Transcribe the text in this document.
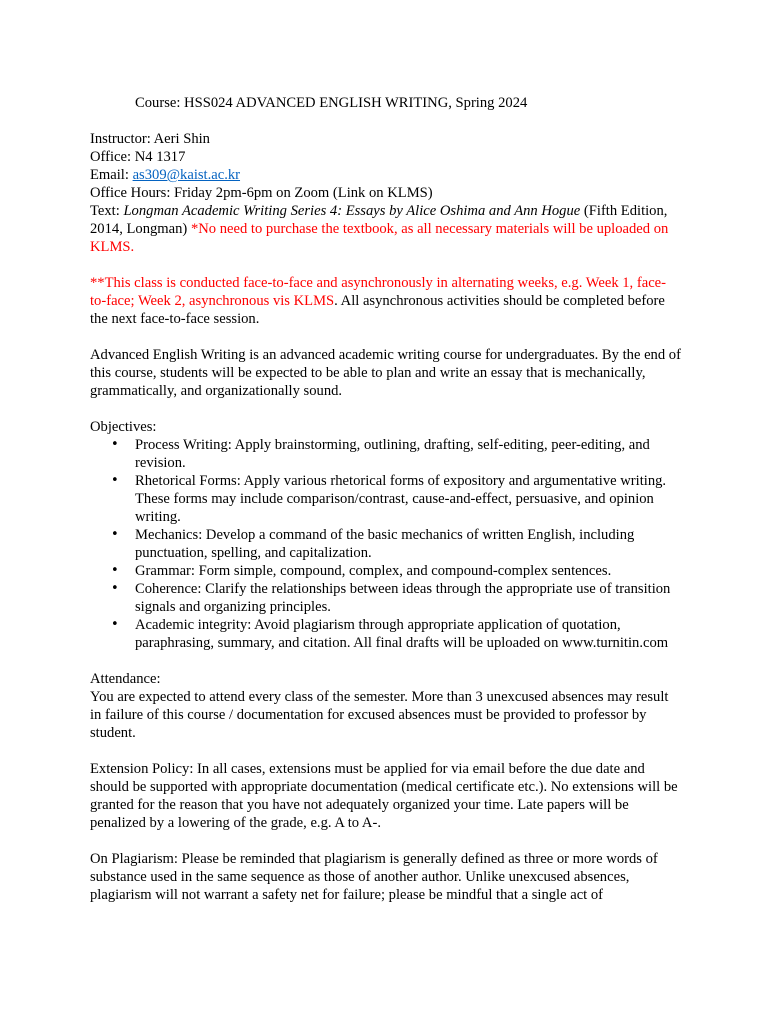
Course: HSS024 ADVANCED ENGLISH WRITING, Spring 2024

Instructor: Aeri Shin

Office: N4 1317

Email: as309@kaist.ac.kr

Office Hours: Friday 2pm-6pm on Zoom (Link on KLMS)

Text: Longman Academic Writing Series 4: Essays by Alice Oshima and Ann Hogue (Fifth Edition, 2014, Longman) *No need to purchase the textbook, as all necessary materials will be uploaded on KLMS.

**This class is conducted face-to-face and asynchronously in alternating weeks, e.g. Week 1, face-to-face; Week 2, asynchronous vis KLMS. All asynchronous activities should be completed before the next face-to-face session.

Advanced English Writing is an advanced academic writing course for undergraduates. By the end of this course, students will be expected to be able to plan and write an essay that is mechanically, grammatically, and organizationally sound.

Objectives:

• Process Writing: Apply brainstorming, outlining, drafting, self-editing, peer-editing, and revision.
• Rhetorical Forms: Apply various rhetorical forms of expository and argumentative writing. These forms may include comparison/contrast, cause-and-effect, persuasive, and opinion writing.
• Mechanics: Develop a command of the basic mechanics of written English, including punctuation, spelling, and capitalization.
• Grammar: Form simple, compound, complex, and compound-complex sentences.
• Coherence: Clarify the relationships between ideas through the appropriate use of transition signals and organizing principles.
• Academic integrity: Avoid plagiarism through appropriate application of quotation, paraphrasing, summary, and citation. All final drafts will be uploaded on www.turnitin.com

Attendance:

You are expected to attend every class of the semester. More than 3 unexcused absences may result in failure of this course / documentation for excused absences must be provided to professor by student.

Extension Policy: In all cases, extensions must be applied for via email before the due date and should be supported with appropriate documentation (medical certificate etc.). No extensions will be granted for the reason that you have not adequately organized your time. Late papers will be penalized by a lowering of the grade, e.g. A to A-.

On Plagiarism: Please be reminded that plagiarism is generally defined as three or more words of substance used in the same sequence as those of another author. Unlike unexcused absences, plagiarism will not warrant a safety net for failure; please be mindful that a single act of
